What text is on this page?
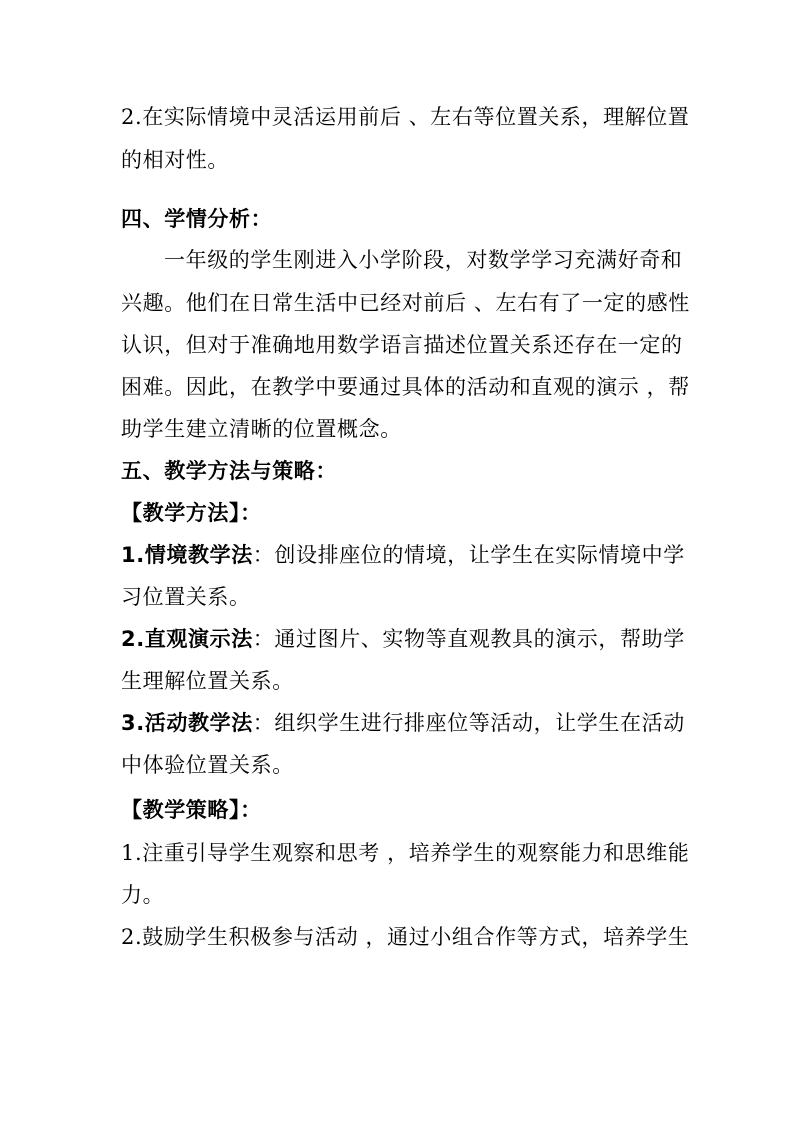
2.在实际情境中灵活运用前后 、左右等位置关系，理解位置
的相对性。
四、学情分析：
一年级的学生刚进入小学阶段，对数学学习充满好奇和
兴趣。他们在日常生活中已经对前后 、左右有了一定的感性
认识，但对于准确地用数学语言描述位置关系还存在一定的
困难。因此，在教学中要通过具体的活动和直观的演示 ，帮
助学生建立清晰的位置概念。
五、教学方法与策略：
【教学方法】：
1.情境教学法：创设排座位的情境，让学生在实际情境中学
习位置关系。
2.直观演示法：通过图片、实物等直观教具的演示，帮助学
生理解位置关系。
3.活动教学法：组织学生进行排座位等活动，让学生在活动
中体验位置关系。
【教学策略】：
1.注重引导学生观察和思考 ，培养学生的观察能力和思维能
力。
2.鼓励学生积极参与活动 ，通过小组合作等方式，培养学生
